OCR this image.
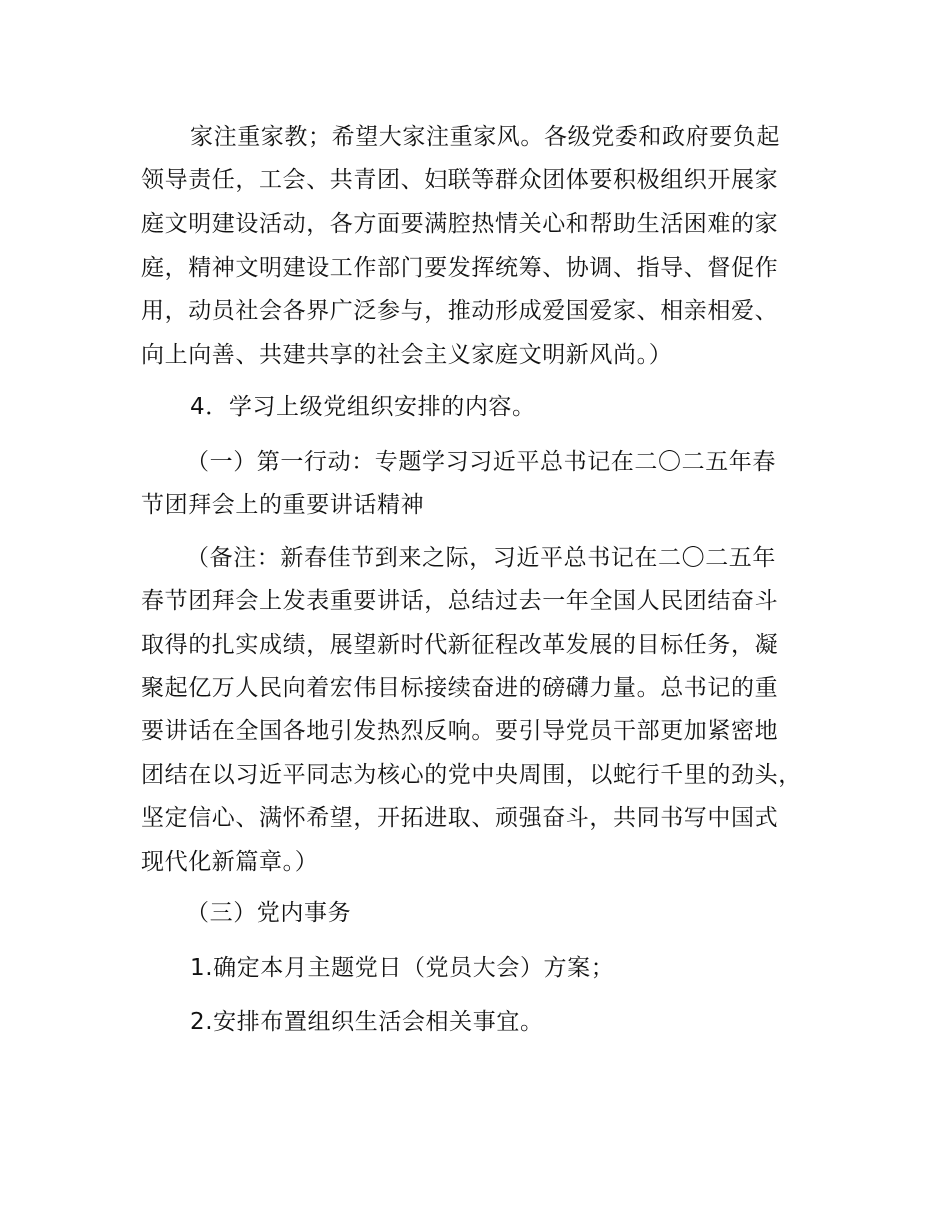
家注重家教；希望大家注重家风。各级党委和政府要负起
领导责任，工会、共青团、妇联等群众团体要积极组织开展家
庭文明建设活动，各方面要满腔热情关心和帮助生活困难的家
庭，精神文明建设工作部门要发挥统筹、协调、指导、督促作
用，动员社会各界广泛参与，推动形成爱国爱家、相亲相爱、
向上向善、共建共享的社会主义家庭文明新风尚。）
4．学习上级党组织安排的内容。
（一）第一行动：专题学习习近平总书记在二〇二五年春
节团拜会上的重要讲话精神
（备注：新春佳节到来之际，习近平总书记在二〇二五年
春节团拜会上发表重要讲话，总结过去一年全国人民团结奋斗
取得的扎实成绩，展望新时代新征程改革发展的目标任务，凝
聚起亿万人民向着宏伟目标接续奋进的磅礴力量。总书记的重
要讲话在全国各地引发热烈反响。要引导党员干部更加紧密地
团结在以习近平同志为核心的党中央周围，以蛇行千里的劲头，
坚定信心、满怀希望，开拓进取、顽强奋斗，共同书写中国式
现代化新篇章。）
（三）党内事务
1.确定本月主题党日（党员大会）方案；
2.安排布置组织生活会相关事宜。
